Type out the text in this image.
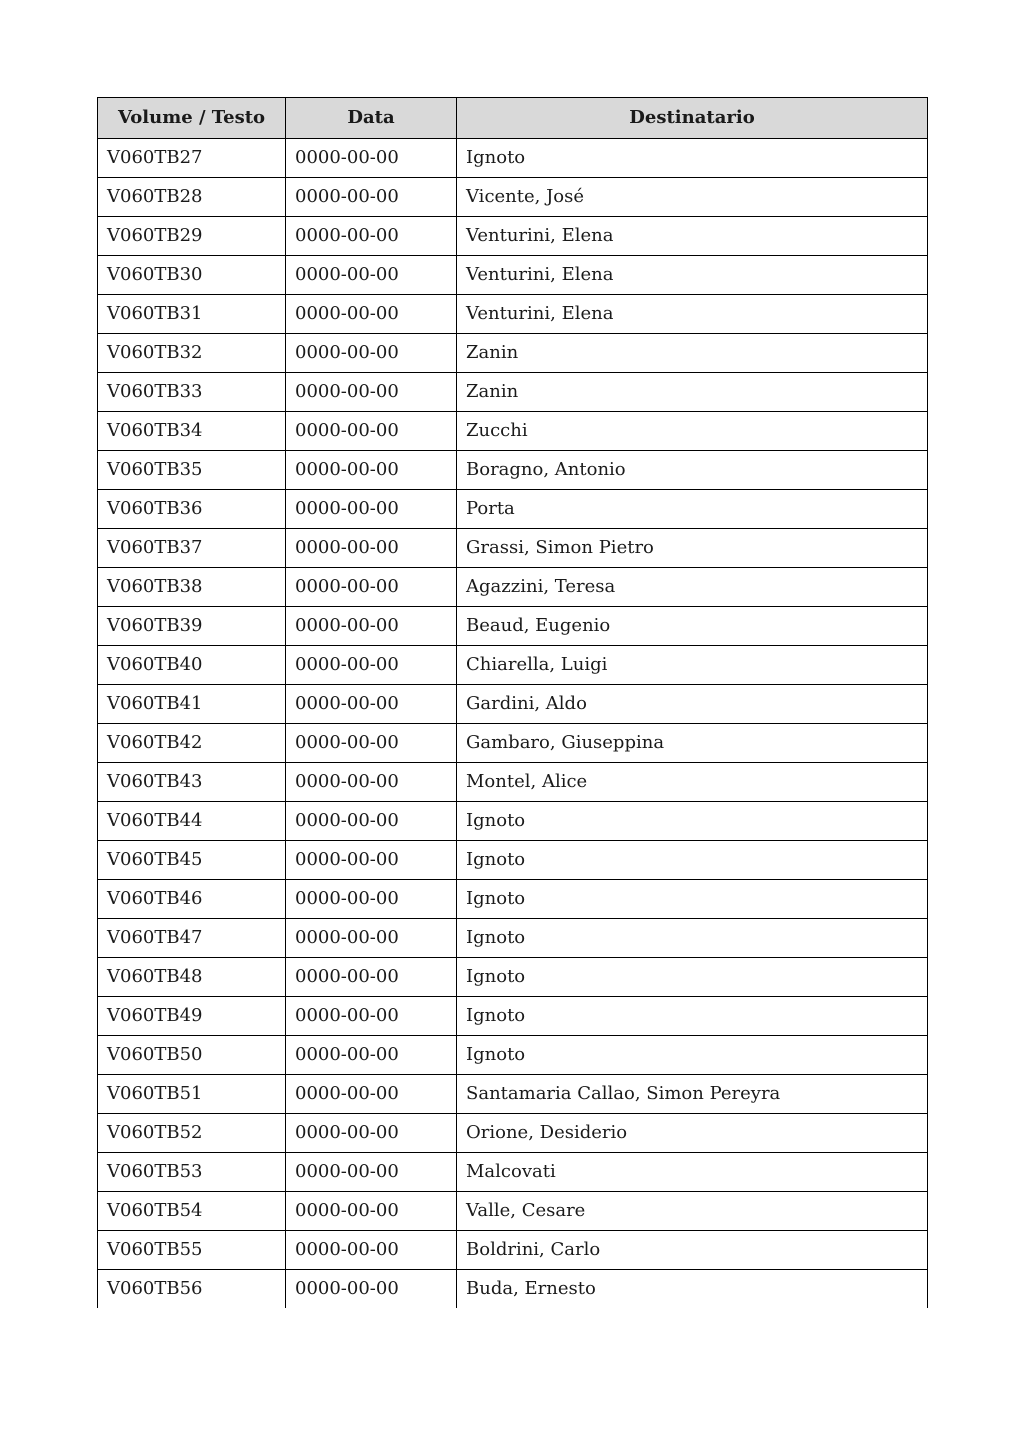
Volume / Testo	Data	Destinatario
V060TB27	0000-00-00	Ignoto
V060TB28	0000-00-00	Vicente, José
V060TB29	0000-00-00	Venturini, Elena
V060TB30	0000-00-00	Venturini, Elena
V060TB31	0000-00-00	Venturini, Elena
V060TB32	0000-00-00	Zanin
V060TB33	0000-00-00	Zanin
V060TB34	0000-00-00	Zucchi
V060TB35	0000-00-00	Boragno, Antonio
V060TB36	0000-00-00	Porta
V060TB37	0000-00-00	Grassi, Simon Pietro
V060TB38	0000-00-00	Agazzini, Teresa
V060TB39	0000-00-00	Beaud, Eugenio
V060TB40	0000-00-00	Chiarella, Luigi
V060TB41	0000-00-00	Gardini, Aldo
V060TB42	0000-00-00	Gambaro, Giuseppina
V060TB43	0000-00-00	Montel, Alice
V060TB44	0000-00-00	Ignoto
V060TB45	0000-00-00	Ignoto
V060TB46	0000-00-00	Ignoto
V060TB47	0000-00-00	Ignoto
V060TB48	0000-00-00	Ignoto
V060TB49	0000-00-00	Ignoto
V060TB50	0000-00-00	Ignoto
V060TB51	0000-00-00	Santamaria Callao, Simon Pereyra
V060TB52	0000-00-00	Orione, Desiderio
V060TB53	0000-00-00	Malcovati
V060TB54	0000-00-00	Valle, Cesare
V060TB55	0000-00-00	Boldrini, Carlo
V060TB56	0000-00-00	Buda, Ernesto
